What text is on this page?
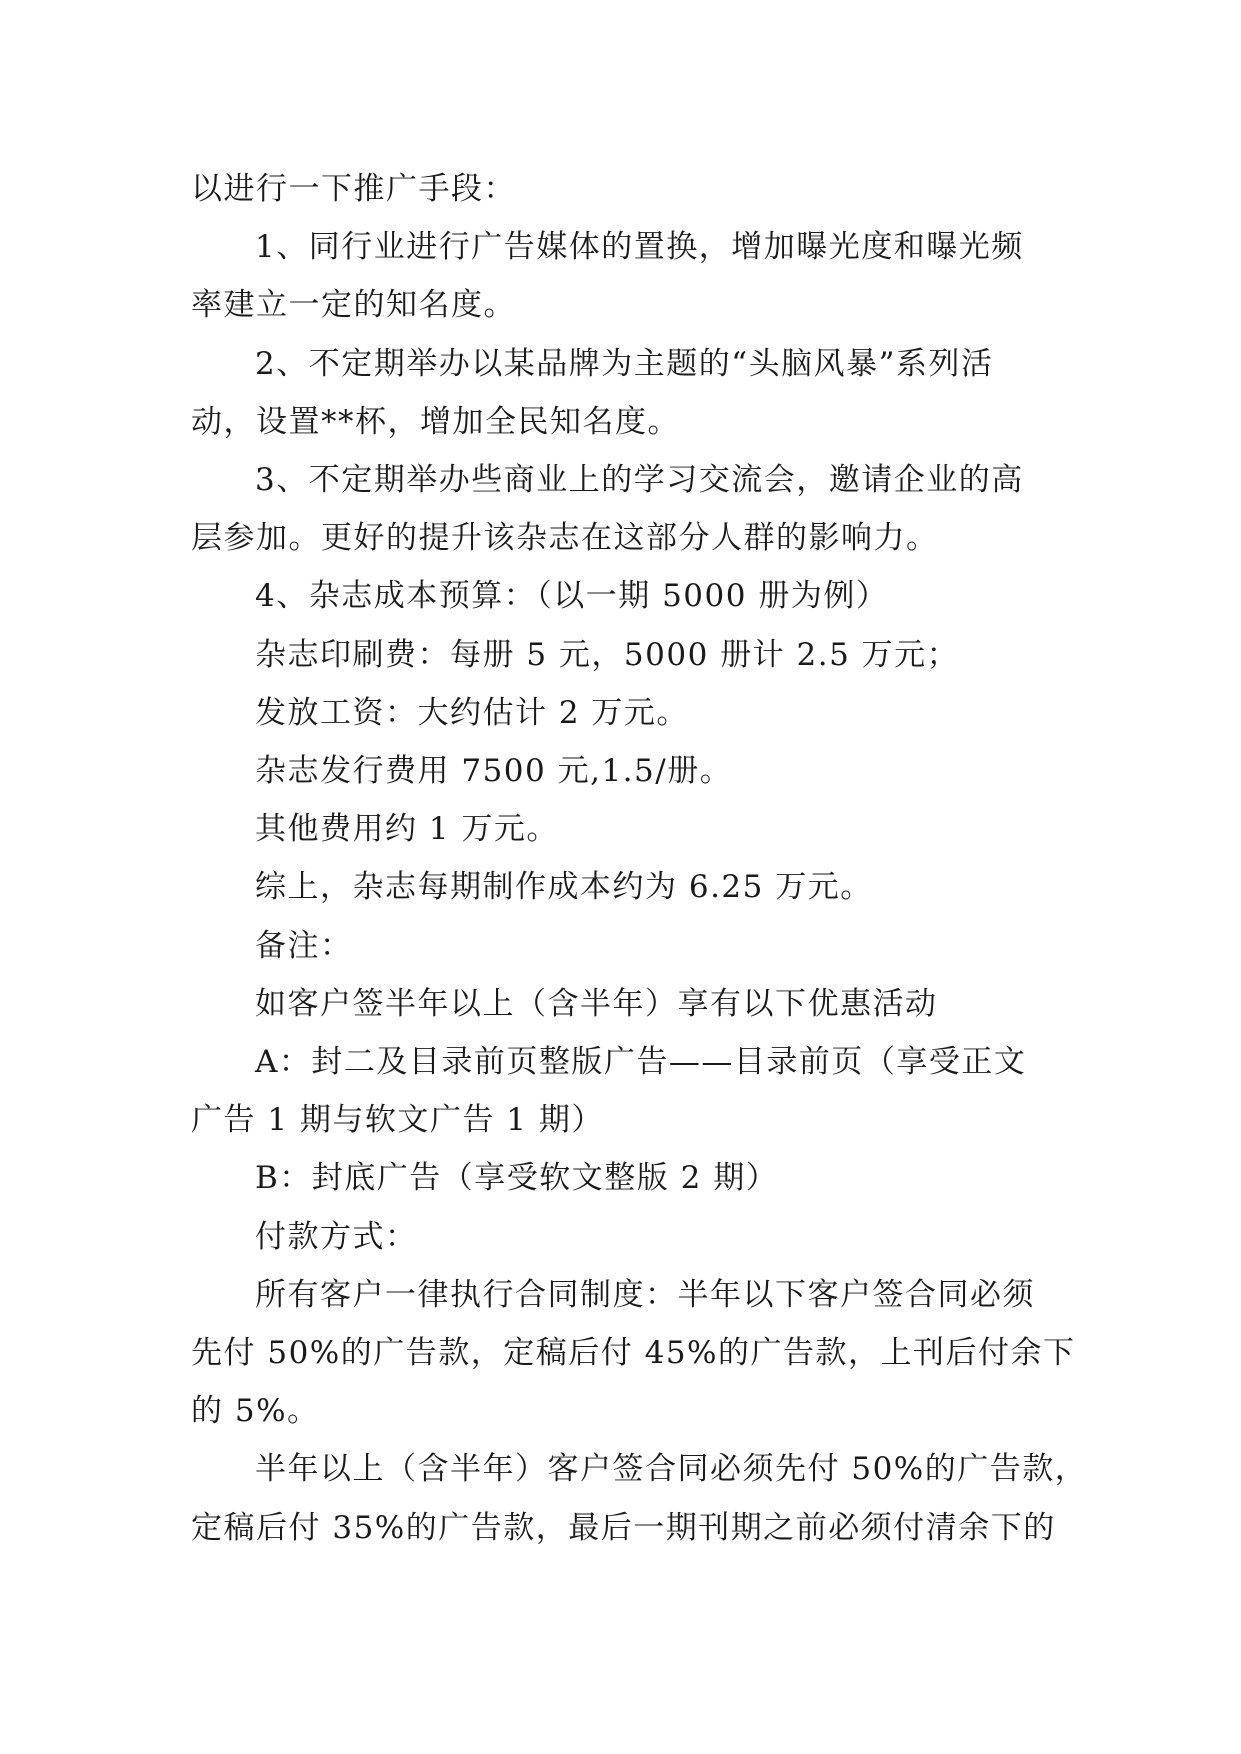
以进行一下推广手段：

1、同行业进行广告媒体的置换，增加曝光度和曝光频

率建立一定的知名度。

2、不定期举办以某品牌为主题的“头脑风暴”系列活

动，设置**杯，增加全民知名度。

3、不定期举办些商业上的学习交流会，邀请企业的高

层参加。更好的提升该杂志在这部分人群的影响力。

4、杂志成本预算：（以一期 5000 册为例）

杂志印刷费：每册 5 元，5000 册计 2.5 万元；

发放工资：大约估计 2 万元。

杂志发行费用 7500 元,1.5/册。

其他费用约 1 万元。

综上，杂志每期制作成本约为 6.25 万元。

备注：

如客户签半年以上（含半年）享有以下优惠活动

A：封二及目录前页整版广告——目录前页（享受正文

广告 1 期与软文广告 1 期）

B：封底广告（享受软文整版 2 期）

付款方式：

所有客户一律执行合同制度：半年以下客户签合同必须

先付 50%的广告款，定稿后付 45%的广告款，上刊后付余下

的 5%。

半年以上（含半年）客户签合同必须先付 50%的广告款，

定稿后付 35%的广告款，最后一期刊期之前必须付清余下的
